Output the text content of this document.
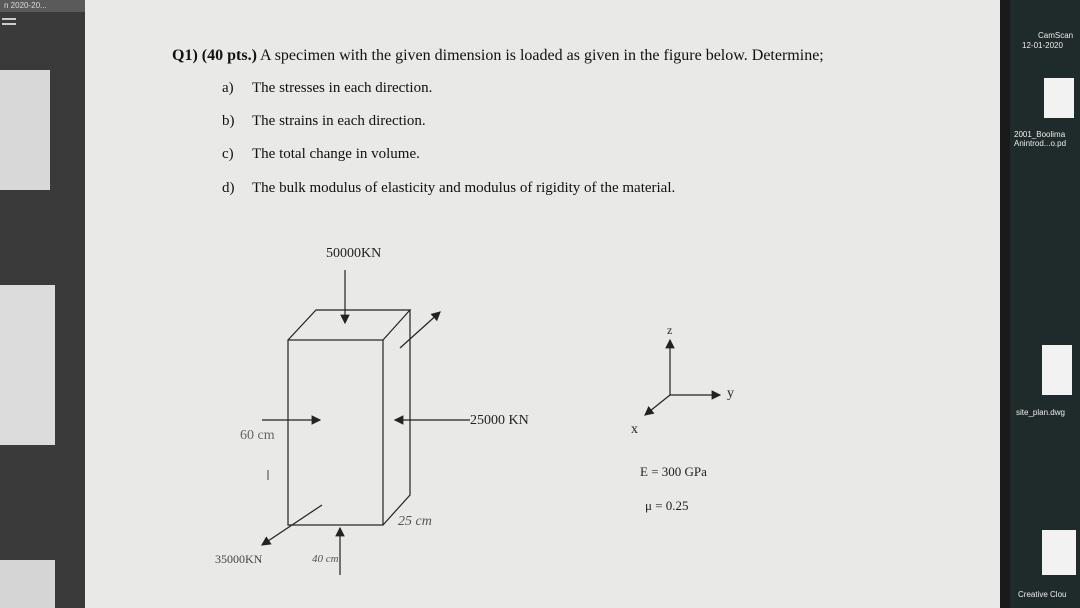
n 2020-20...
Q1) (40 pts.) A specimen with the given dimension is loaded as given in the figure below. Determine;
a) The stresses in each direction.
b) The strains in each direction.
c) The total change in volume.
d) The bulk modulus of elasticity and modulus of rigidity of the material.
50000KN
25000 KN
60 cm
25 cm
35000KN	40 cm
z
y
x
E = 300 GPa
μ = 0.25
CamScan
12-01-2020
2001_Boolima Anintrod...o.pd
site_plan.dwg
Creative Clou
